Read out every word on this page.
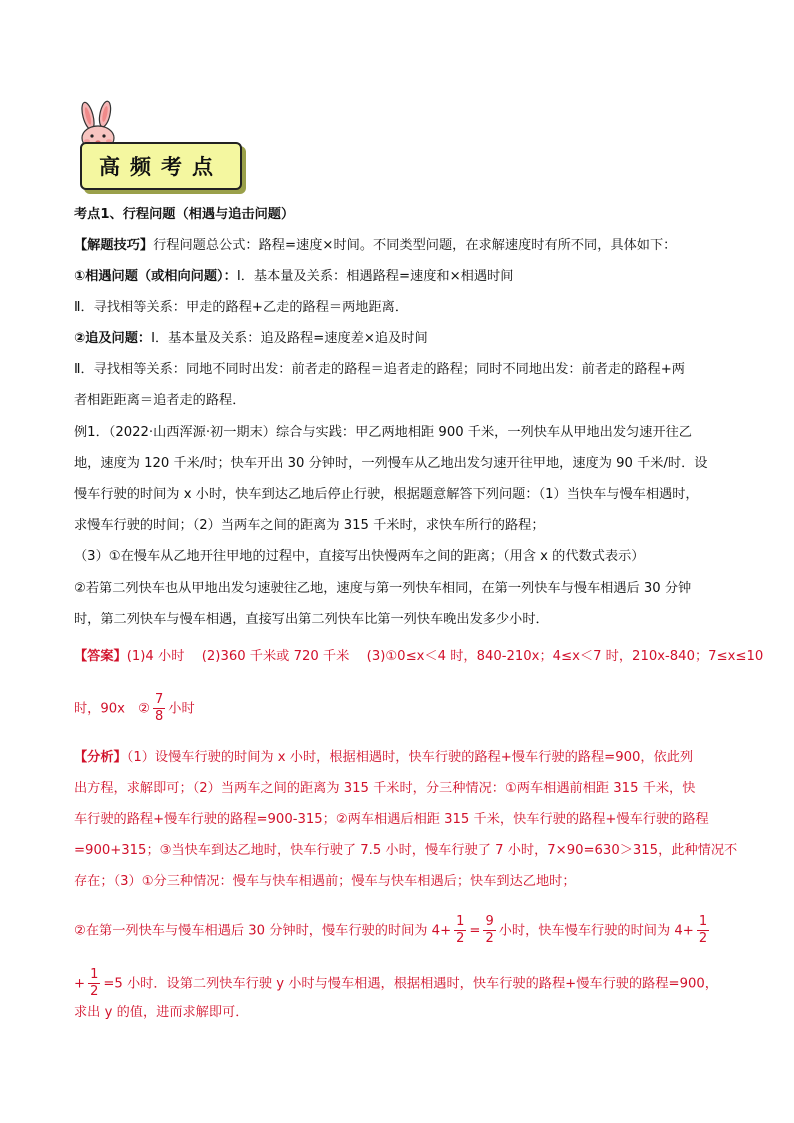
高频考点
考点1、行程问题（相遇与追击问题）
【解题技巧】行程问题总公式：路程=速度×时间。不同类型问题，在求解速度时有所不同，具体如下：
①相遇问题（或相向问题）：Ⅰ．基本量及关系：相遇路程=速度和×相遇时间
Ⅱ．寻找相等关系：甲走的路程+乙走的路程＝两地距离．
②追及问题：Ⅰ．基本量及关系：追及路程=速度差×追及时间
Ⅱ．寻找相等关系：同地不同时出发：前者走的路程＝追者走的路程；同时不同地出发：前者走的路程+两
者相距距离＝追者走的路程．
例1．（2022·山西浑源·初一期末）综合与实践：甲乙两地相距 900 千米，一列快车从甲地出发匀速开往乙
地，速度为 120 千米/时；快车开出 30 分钟时，一列慢车从乙地出发匀速开往甲地，速度为 90 千米/时．设
慢车行驶的时间为 x 小时，快车到达乙地后停止行驶，根据题意解答下列问题：（1）当快车与慢车相遇时，
求慢车行驶的时间；（2）当两车之间的距离为 315 千米时，求快车所行的路程；
（3）①在慢车从乙地开往甲地的过程中，直接写出快慢两车之间的距离；（用含 x 的代数式表示）
②若第二列快车也从甲地出发匀速驶往乙地，速度与第一列快车相同，在第一列快车与慢车相遇后 30 分钟
时，第二列快车与慢车相遇，直接写出第二列快车比第一列快车晚出发多少小时．
【答案】(1)4 小时　 (2)360 千米或 720 千米　 (3)①0≤x＜4 时，840-210x；4≤x＜7 时，210x-840；7≤x≤10
时，90x　② $\frac{7}{8}$ 小时
【分析】（1）设慢车行驶的时间为 x 小时，根据相遇时，快车行驶的路程+慢车行驶的路程=900，依此列
出方程，求解即可；（2）当两车之间的距离为 315 千米时，分三种情况：①两车相遇前相距 315 千米，快
车行驶的路程+慢车行驶的路程=900-315；②两车相遇后相距 315 千米，快车行驶的路程+慢车行驶的路程
=900+315；③当快车到达乙地时，快车行驶了 7.5 小时，慢车行驶了 7 小时，7×90=630＞315，此种情况不
存在；（3）①分三种情况：慢车与快车相遇前；慢车与快车相遇后；快车到达乙地时；
②在第一列快车与慢车相遇后 30 分钟时，慢车行驶的时间为 $4+ \frac{1}{2} = \frac{9}{2}$ 小时，快车慢车行驶的时间为 $4+ \frac{1}{2}$
+ $\frac{1}{2} =5$ 小时．设第二列快车行驶 y 小时与慢车相遇，根据相遇时，快车行驶的路程+慢车行驶的路程=900，
求出 y 的值，进而求解即可．
